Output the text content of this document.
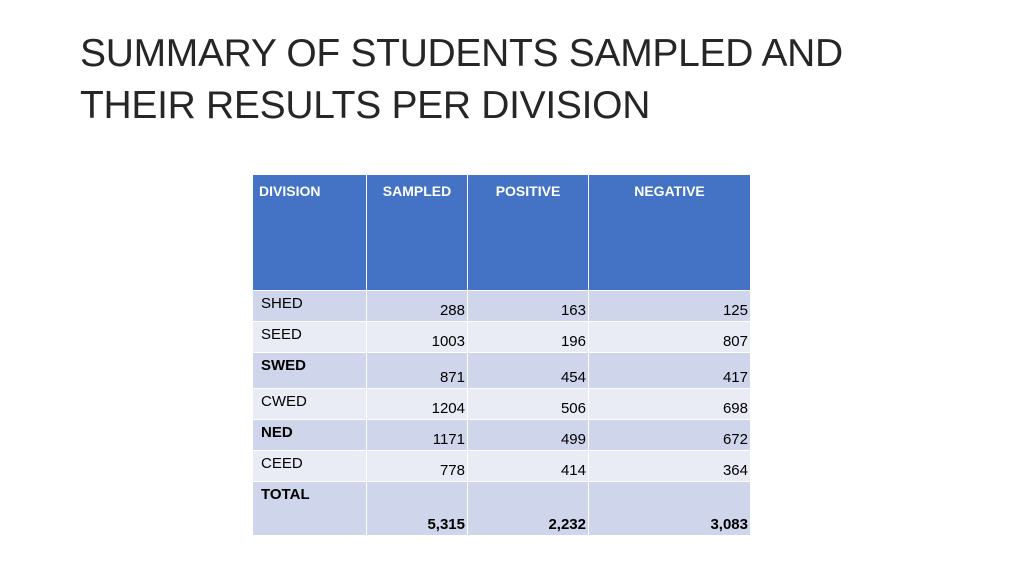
SUMMARY OF STUDENTS SAMPLED AND
THEIR RESULTS PER DIVISION
DIVISION	SAMPLED	POSITIVE	NEGATIVE
SHED	288	163	125
SEED	1003	196	807
SWED	871	454	417
CWED	1204	506	698
NED	1171	499	672
CEED	778	414	364
TOTAL	5,315	2,232	3,083
